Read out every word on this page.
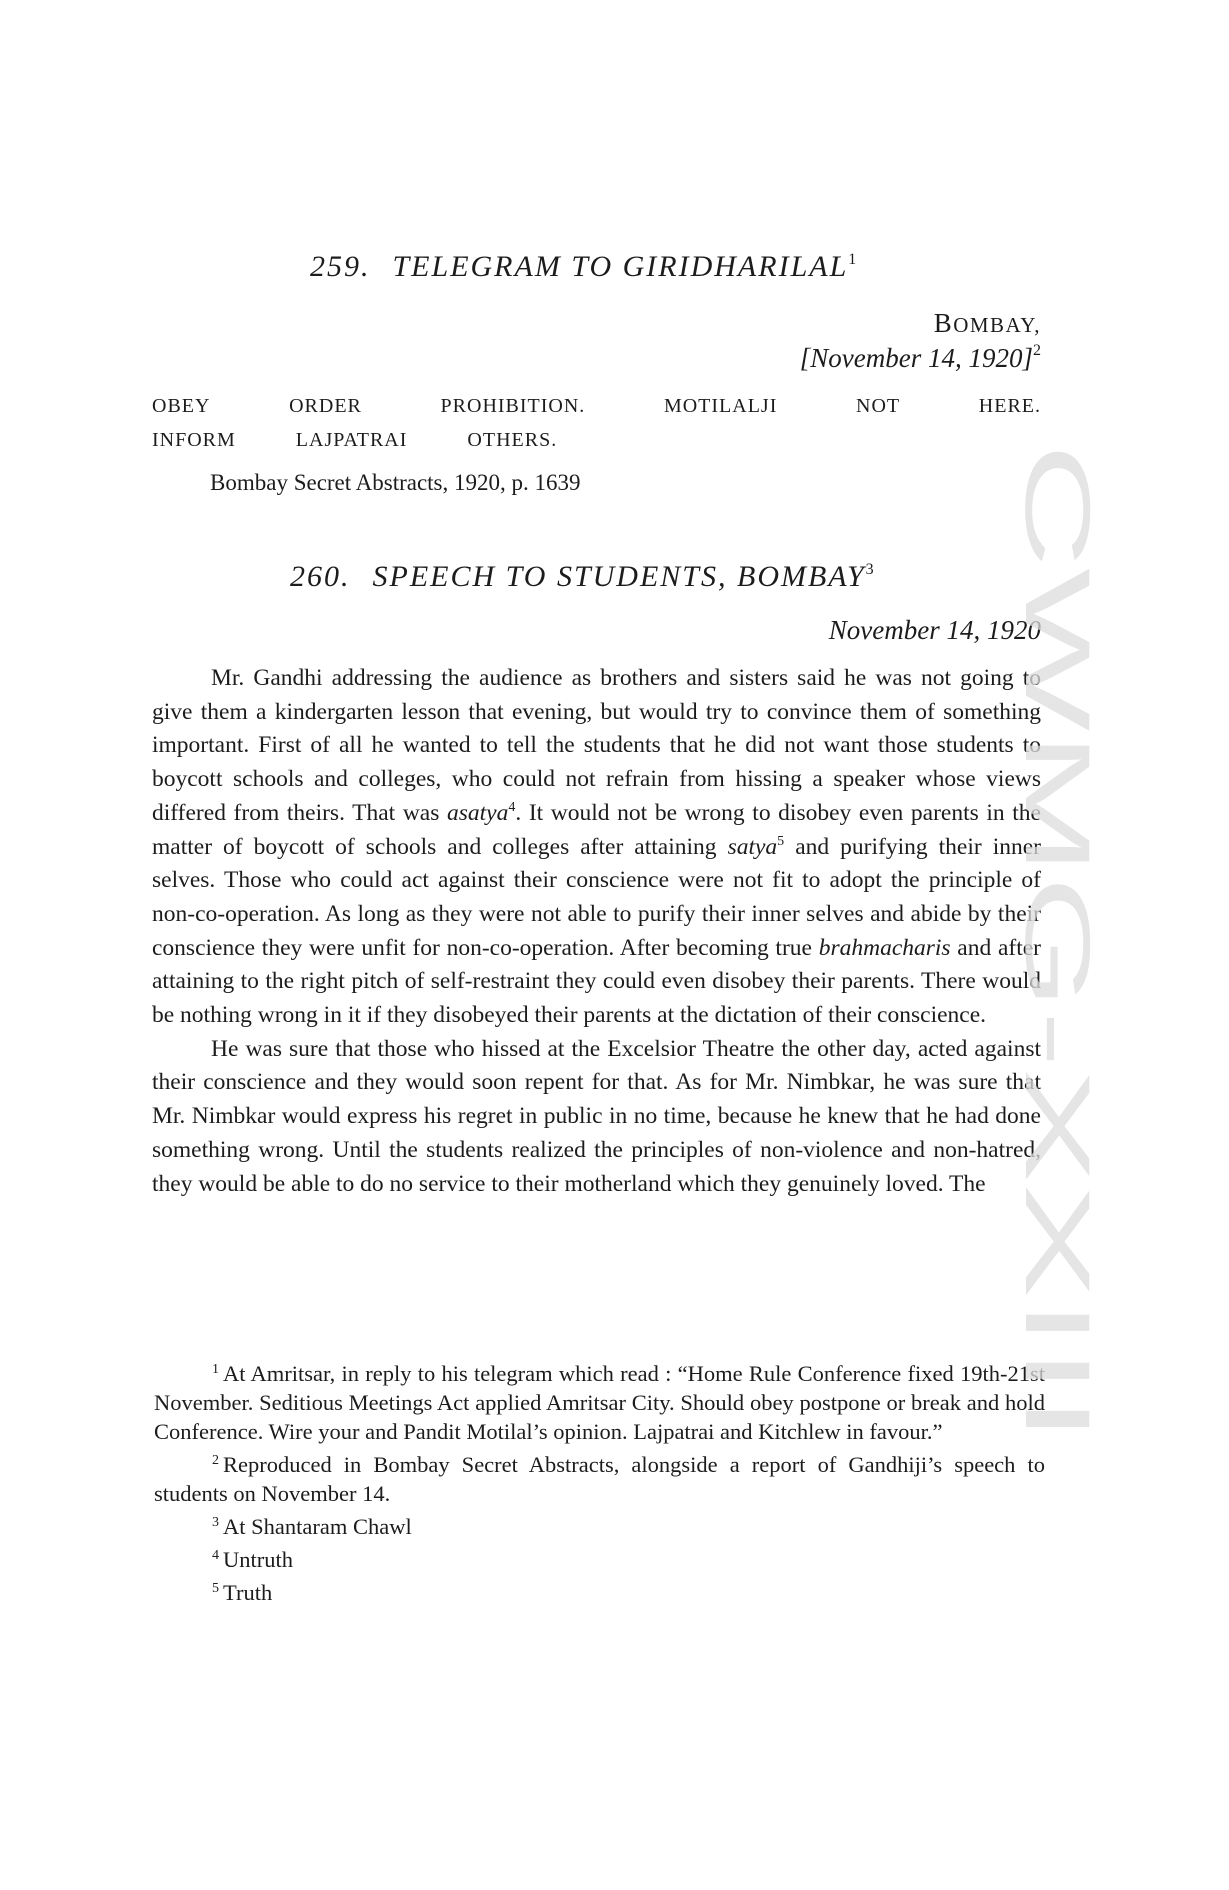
259. TELEGRAM TO GIRIDHARILAL$^1$
BOMBAY,
[November 14, 1920]$^2$
OBEY	ORDER	PROHIBITION.	MOTILALJI	NOT	HERE.
INFORM	LAJPATRAI	OTHERS.
Bombay Secret Abstracts, 1920, p. 1639
260. SPEECH TO STUDENTS, BOMBAY$^3$
November 14, 1920

Mr. Gandhi addressing the audience as brothers and sisters said he was not going to give them a kindergarten lesson that evening, but would try to convince them of something important. First of all he wanted to tell the students that he did not want those students to boycott schools and colleges, who could not refrain from hissing a speaker whose views differed from theirs. That was asatya$^4$. It would not be wrong to disobey even parents in the matter of boycott of schools and colleges after attaining satya$^5$ and purifying their inner selves. Those who could act against their conscience were not fit to adopt the principle of non-co-operation. As long as they were not able to purify their inner selves and abide by their conscience they were unfit for non-co-operation. After becoming true brahmacharis and after attaining to the right pitch of self-restraint they could even disobey their parents. There would be nothing wrong in it if they disobeyed their parents at the dictation of their conscience.

He was sure that those who hissed at the Excelsior Theatre the other day, acted against their conscience and they would soon repent for that. As for Mr. Nimbkar, he was sure that Mr. Nimbkar would express his regret in public in no time, because he knew that he had done something wrong. Until the students realized the principles of non-violence and non-hatred, they would be able to do no service to their motherland which they genuinely loved. The

$^1$ At Amritsar, in reply to his telegram which read : “Home Rule Conference fixed 19th-21st November. Seditious Meetings Act applied Amritsar City. Should obey postpone or break and hold Conference. Wire your and Pandit Motilal’s opinion. Lajpatrai and Kitchlew in favour.”

$^2$ Reproduced in Bombay Secret Abstracts, alongside a report of Gandhiji’s speech to students on November 14.

$^3$ At Shantaram Chawl

$^4$ Untruth

$^5$ Truth

CWMG-XXIII
